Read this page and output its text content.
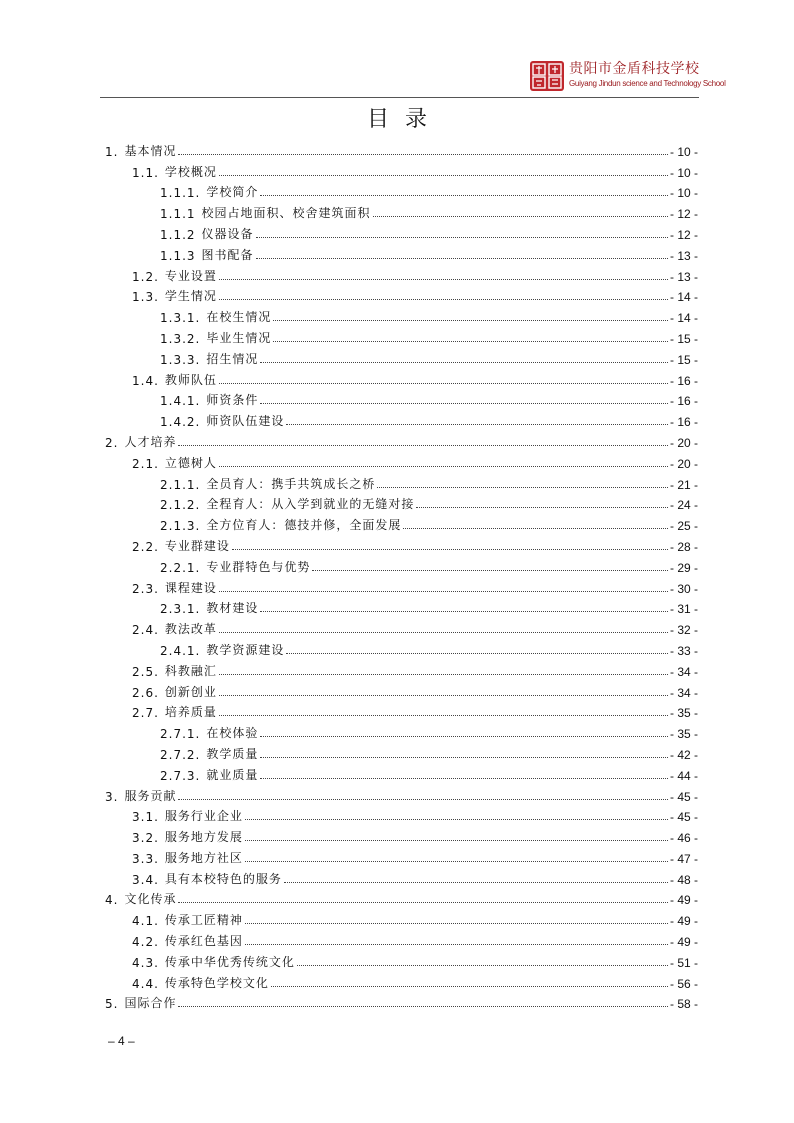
贵阳市金盾科技学校
Guiyang Jindun science and Technology School
目录
1. 基本情况	- 10 -
1.1. 学校概况	- 10 -
1.1.1. 学校简介	- 10 -
1.1.1 校园占地面积、校舍建筑面积	- 12 -
1.1.2 仪器设备	- 12 -
1.1.3 图书配备	- 13 -
1.2. 专业设置	- 13 -
1.3. 学生情况	- 14 -
1.3.1. 在校生情况	- 14 -
1.3.2. 毕业生情况	- 15 -
1.3.3. 招生情况	- 15 -
1.4. 教师队伍	- 16 -
1.4.1. 师资条件	- 16 -
1.4.2. 师资队伍建设	- 16 -
2. 人才培养	- 20 -
2.1. 立德树人	- 20 -
2.1.1. 全员育人：携手共筑成长之桥	- 21 -
2.1.2. 全程育人：从入学到就业的无缝对接	- 24 -
2.1.3. 全方位育人：德技并修，全面发展	- 25 -
2.2. 专业群建设	- 28 -
2.2.1. 专业群特色与优势	- 29 -
2.3. 课程建设	- 30 -
2.3.1. 教材建设	- 31 -
2.4. 教法改革	- 32 -
2.4.1. 教学资源建设	- 33 -
2.5. 科教融汇	- 34 -
2.6. 创新创业	- 34 -
2.7. 培养质量	- 35 -
2.7.1. 在校体验	- 35 -
2.7.2. 教学质量	- 42 -
2.7.3. 就业质量	- 44 -
3. 服务贡献	- 45 -
3.1. 服务行业企业	- 45 -
3.2. 服务地方发展	- 46 -
3.3. 服务地方社区	- 47 -
3.4. 具有本校特色的服务	- 48 -
4. 文化传承	- 49 -
4.1. 传承工匠精神	- 49 -
4.2. 传承红色基因	- 49 -
4.3. 传承中华优秀传统文化	- 51 -
4.4. 传承特色学校文化	- 56 -
5. 国际合作	- 58 -
– 4 –
